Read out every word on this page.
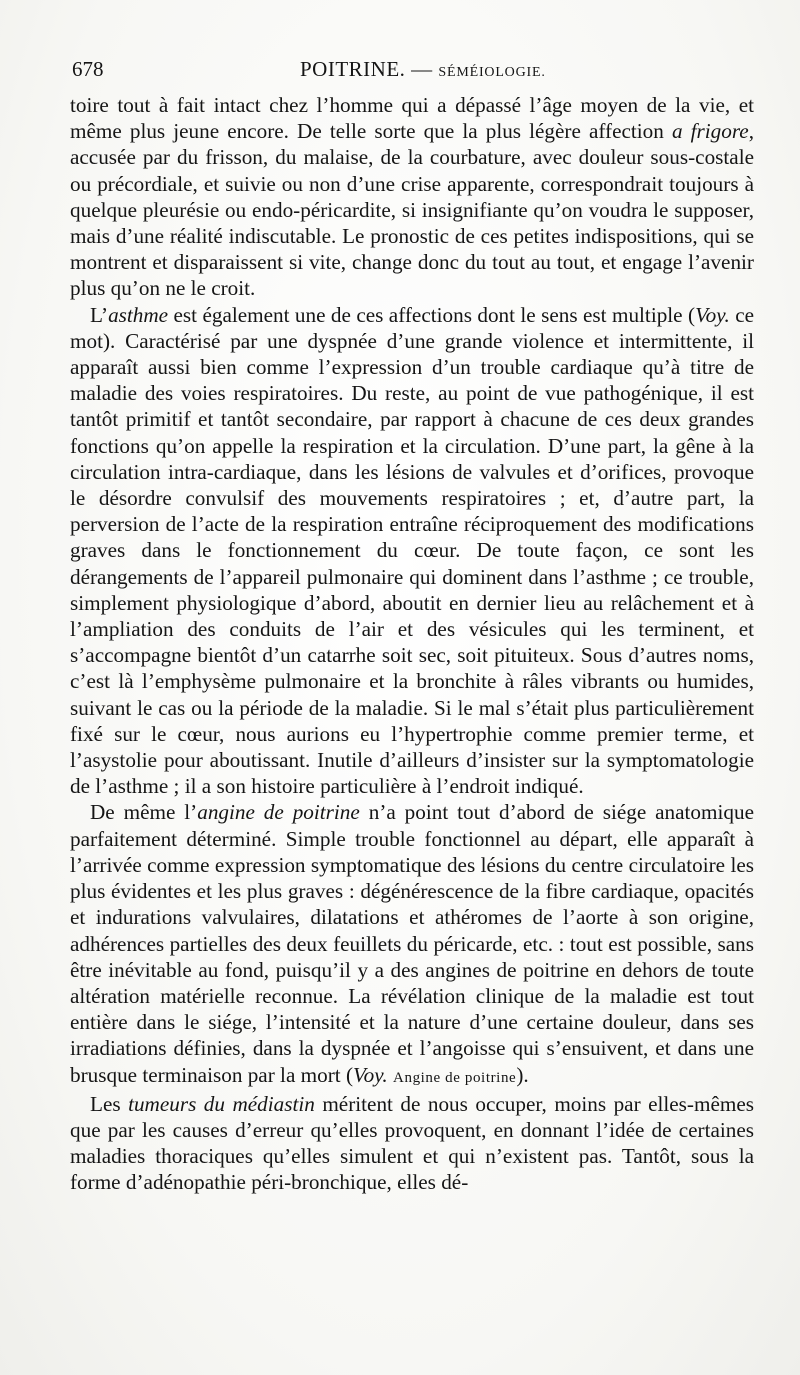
678	POITRINE. — SÉMÉIOLOGIE.

toire tout à fait intact chez l’homme qui a dépassé l’âge moyen de la vie, et même plus jeune encore. De telle sorte que la plus légère affection a frigore, accusée par du frisson, du malaise, de la courbature, avec douleur sous-costale ou précordiale, et suivie ou non d’une crise apparente, correspondrait toujours à quelque pleurésie ou endo-péricardite, si insignifiante qu’on voudra le supposer, mais d’une réalité indiscutable. Le pronostic de ces petites indispositions, qui se montrent et disparaissent si vite, change donc du tout au tout, et engage l’avenir plus qu’on ne le croit.

L’asthme est également une de ces affections dont le sens est multiple (Voy. ce mot). Caractérisé par une dyspnée d’une grande violence et intermittente, il apparaît aussi bien comme l’expression d’un trouble cardiaque qu’à titre de maladie des voies respiratoires. Du reste, au point de vue pathogénique, il est tantôt primitif et tantôt secondaire, par rapport à chacune de ces deux grandes fonctions qu’on appelle la respiration et la circulation. D’une part, la gêne à la circulation intra-cardiaque, dans les lésions de valvules et d’orifices, provoque le désordre convulsif des mouvements respiratoires ; et, d’autre part, la perversion de l’acte de la respiration entraîne réciproquement des modifications graves dans le fonctionnement du cœur. De toute façon, ce sont les dérangements de l’appareil pulmonaire qui dominent dans l’asthme ; ce trouble, simplement physiologique d’abord, aboutit en dernier lieu au relâchement et à l’ampliation des conduits de l’air et des vésicules qui les terminent, et s’accompagne bientôt d’un catarrhe soit sec, soit pituiteux. Sous d’autres noms, c’est là l’emphysème pulmonaire et la bronchite à râles vibrants ou humides, suivant le cas ou la période de la maladie. Si le mal s’était plus particulièrement fixé sur le cœur, nous aurions eu l’hypertrophie comme premier terme, et l’asystolie pour aboutissant. Inutile d’ailleurs d’insister sur la symptomatologie de l’asthme ; il a son histoire particulière à l’endroit indiqué.

De même l’angine de poitrine n’a point tout d’abord de siége anatomique parfaitement déterminé. Simple trouble fonctionnel au départ, elle apparaît à l’arrivée comme expression symptomatique des lésions du centre circulatoire les plus évidentes et les plus graves : dégénérescence de la fibre cardiaque, opacités et indurations valvulaires, dilatations et athéromes de l’aorte à son origine, adhérences partielles des deux feuillets du péricarde, etc. : tout est possible, sans être inévitable au fond, puisqu’il y a des angines de poitrine en dehors de toute altération matérielle reconnue. La révélation clinique de la maladie est tout entière dans le siége, l’intensité et la nature d’une certaine douleur, dans ses irradiations définies, dans la dyspnée et l’angoisse qui s’ensuivent, et dans une brusque terminaison par la mort (Voy. Angine de poitrine).

Les tumeurs du médiastin méritent de nous occuper, moins par elles-mêmes que par les causes d’erreur qu’elles provoquent, en donnant l’idée de certaines maladies thoraciques qu’elles simulent et qui n’existent pas. Tantôt, sous la forme d’adénopathie péri-bronchique, elles dé-
